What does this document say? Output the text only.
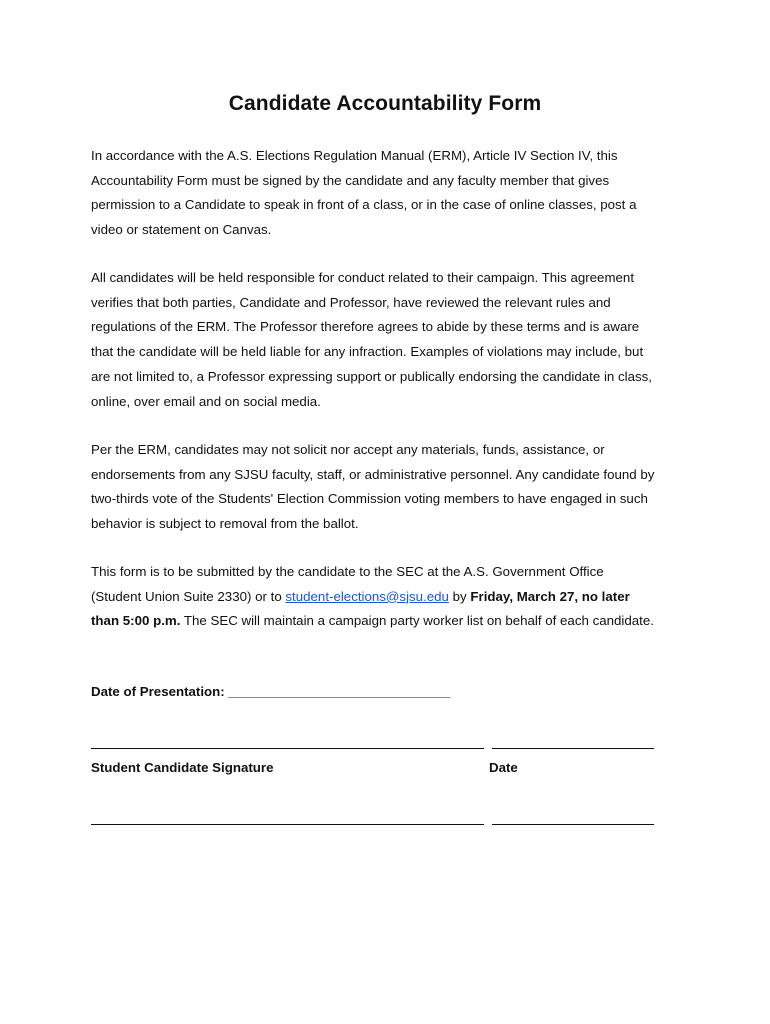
Candidate Accountability Form

In accordance with the A.S. Elections Regulation Manual (ERM), Article IV Section IV, this
Accountability Form must be signed by the candidate and any faculty member that gives
permission to a Candidate to speak in front of a class, or in the case of online classes, post a
video or statement on Canvas.

All candidates will be held responsible for conduct related to their campaign. This agreement
verifies that both parties, Candidate and Professor, have reviewed the relevant rules and
regulations of the ERM. The Professor therefore agrees to abide by these terms and is aware
that the candidate will be held liable for any infraction. Examples of violations may include, but
are not limited to, a Professor expressing support or publically endorsing the candidate in class,
online, over email and on social media.

Per the ERM, candidates may not solicit nor accept any materials, funds, assistance, or
endorsements from any SJSU faculty, staff, or administrative personnel. Any candidate found by
two-thirds vote of the Students' Election Commission voting members to have engaged in such
behavior is subject to removal from the ballot.

This form is to be submitted by the candidate to the SEC at the A.S. Government Office
(Student Union Suite 2330) or to student-elections@sjsu.edu by Friday, March 27, no later
than 5:00 p.m. The SEC will maintain a campaign party worker list on behalf of each candidate.

Date of Presentation: ______________________________
Student Candidate Signature	Date
